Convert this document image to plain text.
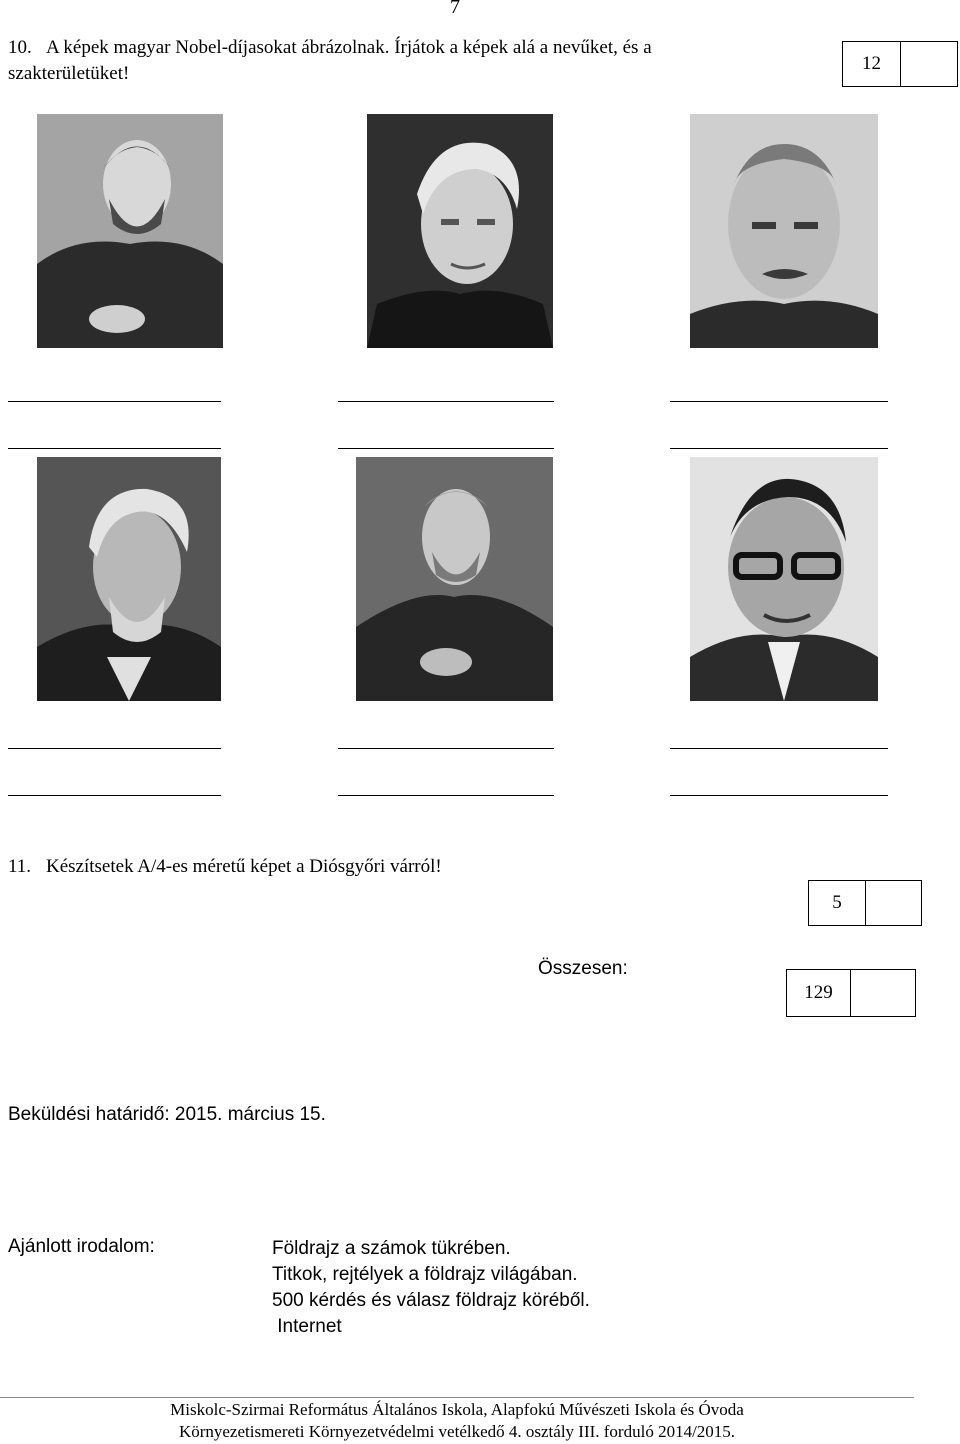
7
10. A képek magyar Nobel-díjasokat ábrázolnak. Írjátok a képek alá a nevűket, és a
szakterületüket!	12
11. Készítsetek A/4-es méretű képet a Diósgyőri várról!
5
Összesen:
129
Beküldési határidő: 2015. március 15.
Ajánlott irodalom:	Földrajz a számok tükrében.
Titkok, rejtélyek a földrajz világában.
500 kérdés és válasz földrajz köréből.
Internet
Miskolc-Szirmai Református Általános Iskola, Alapfokú Művészeti Iskola és Óvoda
Környezetismereti Környezetvédelmi vetélkedő 4. osztály III. forduló 2014/2015.
